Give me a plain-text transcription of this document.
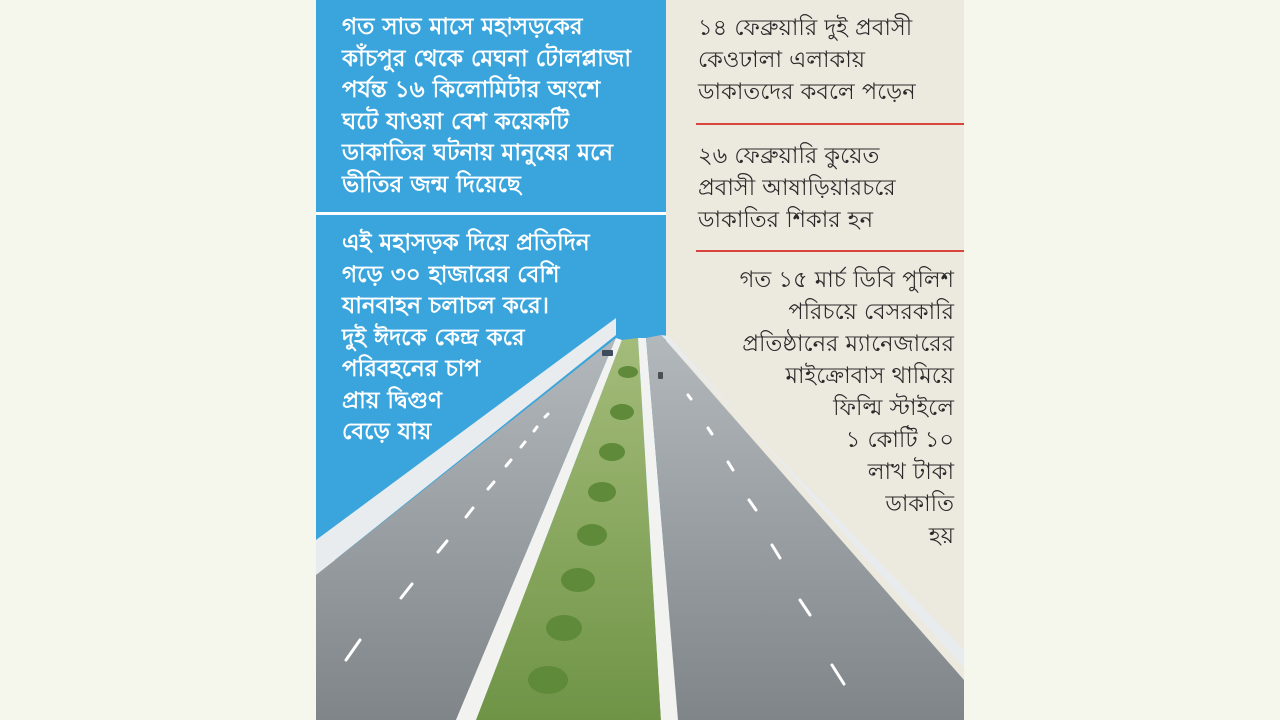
গত সাত মাসে মহাসড়কের
কাঁচপুর থেকে মেঘনা টোলপ্লাজা
পর্যন্ত ১৬ কিলোমিটার অংশে
ঘটে যাওয়া বেশ কয়েকটি
ডাকাতির ঘটনায় মানুষের মনে
ভীতির জন্ম দিয়েছে

এই মহাসড়ক দিয়ে প্রতিদিন
গড়ে ৩০ হাজারের বেশি
যানবাহন চলাচল করে।
দুই ঈদকে কেন্দ্র করে
পরিবহনের চাপ
প্রায় দ্বিগুণ
বেড়ে যায়

১৪ ফেব্রুয়ারি দুই প্রবাসী
কেওঢালা এলাকায়
ডাকাতদের কবলে পড়েন

২৬ ফেব্রুয়ারি কুয়েত
প্রবাসী আষাড়িয়ারচরে
ডাকাতির শিকার হন

গত ১৫ মার্চ ডিবি পুলিশ
পরিচয়ে বেসরকারি
প্রতিষ্ঠানের ম্যানেজারের
মাইক্রোবাস থামিয়ে
ফিল্মি স্টাইলে
১ কোটি ১০
লাখ টাকা
ডাকাতি
হয়
